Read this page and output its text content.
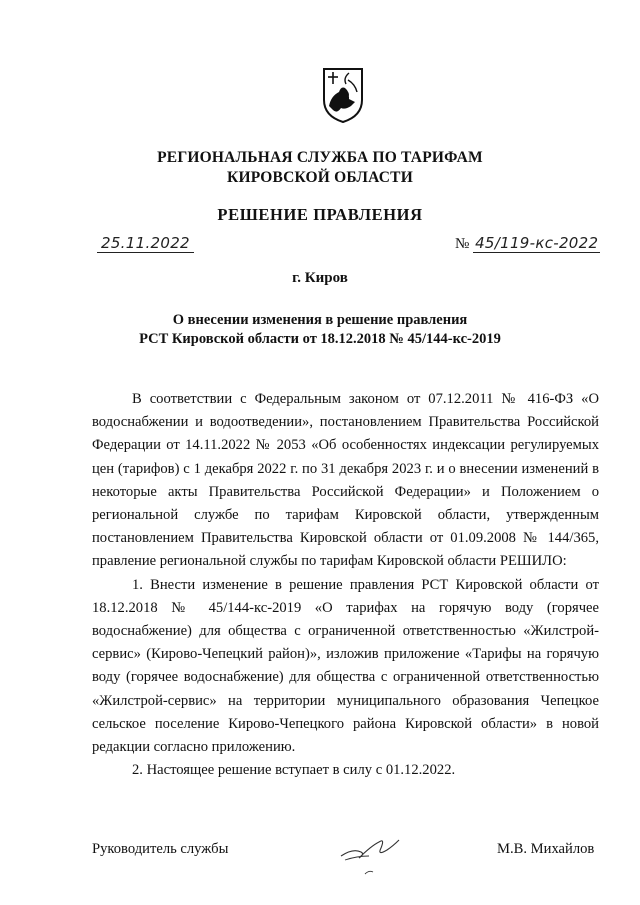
РЕГИОНАЛЬНАЯ СЛУЖБА ПО ТАРИФАМ
КИРОВСКОЙ ОБЛАСТИ
РЕШЕНИЕ ПРАВЛЕНИЯ
25.11.2022	№ 45/119-кс-2022
г. Киров
О внесении изменения в решение правления
РСТ Кировской области от 18.12.2018 № 45/144-кс-2019

В соответствии с Федеральным законом от 07.12.2011 № 416-ФЗ «О водоснабжении и водоотведении», постановлением Правительства Российской Федерации от 14.11.2022 № 2053 «Об особенностях индексации регулируемых цен (тарифов) с 1 декабря 2022 г. по 31 декабря 2023 г. и о внесении изменений в некоторые акты Правительства Российской Федерации» и Положением о региональной службе по тарифам Кировской области, утвержденным постановлением Правительства Кировской области от 01.09.2008 № 144/365, правление региональной службы по тарифам Кировской области РЕШИЛО:

1. Внести изменение в решение правления РСТ Кировской области от 18.12.2018 № 45/144-кс-2019 «О тарифах на горячую воду (горячее водоснабжение) для общества с ограниченной ответственностью «Жилстрой-сервис» (Кирово-Чепецкий район)», изложив приложение «Тарифы на горячую воду (горячее водоснабжение) для общества с ограниченной ответственностью «Жилстрой-сервис» на территории муниципального образования Чепецкое сельское поселение Кирово-Чепецкого района Кировской области» в новой редакции согласно приложению.

2. Настоящее решение вступает в силу с 01.12.2022.

Руководитель службы	М.В. Михайлов
